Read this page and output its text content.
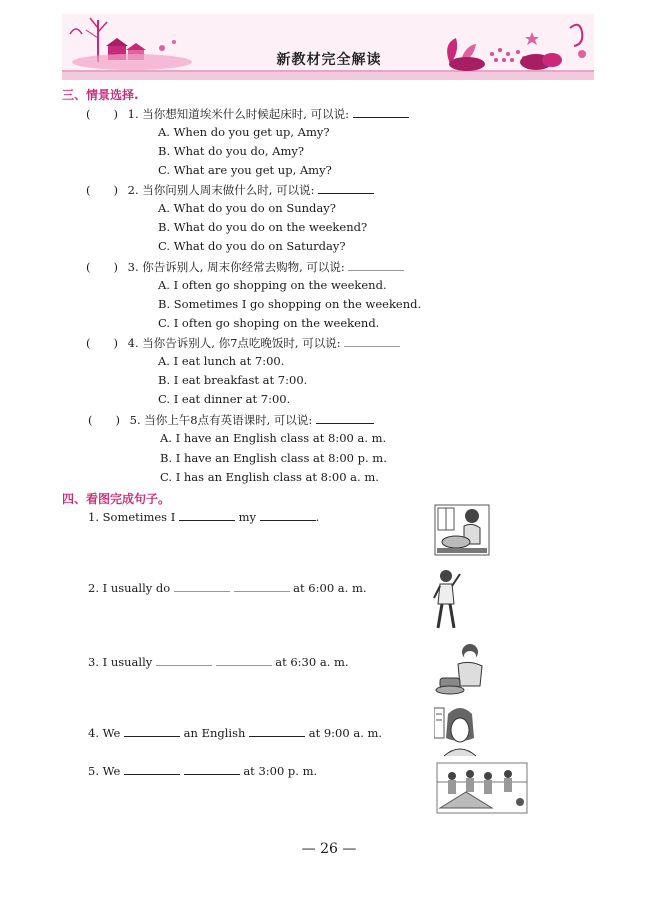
新教材完全解读
三、情景选择.
(　　) 1. 当你想知道埃米什么时候起床时, 可以说:
A. When do you get up, Amy?
B. What do you do, Amy?
C. What are you get up, Amy?
(　　) 2. 当你问别人周末做什么时, 可以说:
A. What do you do on Sunday?
B. What do you do on the weekend?
C. What do you do on Saturday?
(　　) 3. 你告诉别人, 周末你经常去购物, 可以说:
A. I often go shopping on the weekend.
B. Sometimes I go shopping on the weekend.
C. I often go shoping on the weekend.
(　　) 4. 当你告诉别人, 你7点吃晚饭时, 可以说:
A. I eat lunch at 7:00.
B. I eat breakfast at 7:00.
C. I eat dinner at 7:00.
(　　) 5. 当你上午8点有英语课时, 可以说:
A. I have an English class at 8:00 a. m.
B. I have an English class at 8:00 p. m.
C. I has an English class at 8:00 a. m.
四、看图完成句子。
1. Sometimes I	my	.
2. I usually do	at 6:00 a. m.
3. I usually	at 6:30 a. m.
4. We	an English	at 9:00 a. m.
5. We	at 3:00 p. m.
— 26 —
